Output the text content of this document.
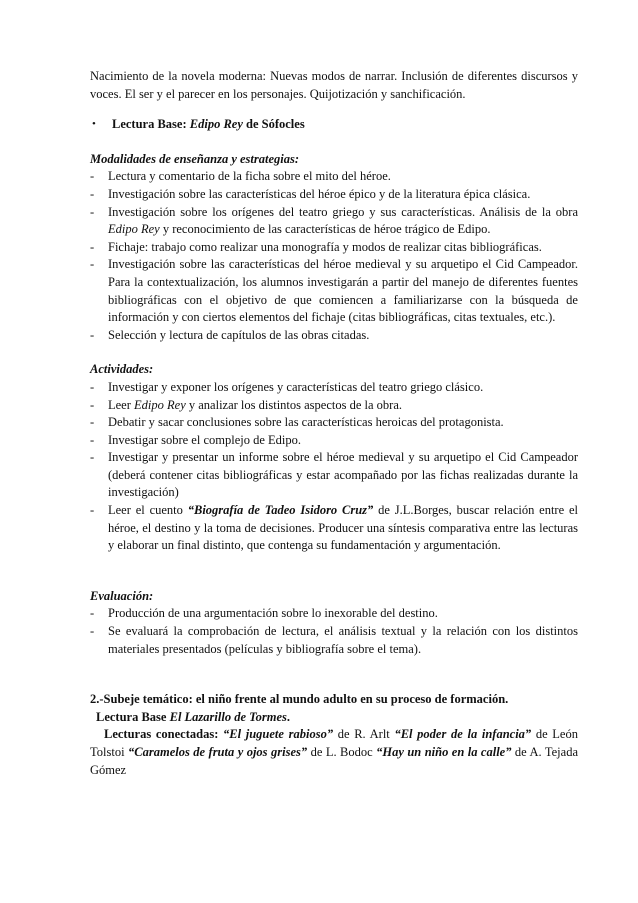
Nacimiento de la novela moderna: Nuevas modos de narrar. Inclusión de diferentes discursos y voces. El ser y el parecer en los personajes. Quijotización y sanchificación.

• Lectura Base: Edipo Rey de Sófocles

Modalidades de enseñanza y estrategias:

- Lectura y comentario de la ficha sobre el mito del héroe.
- Investigación sobre las características del héroe épico y de la literatura épica clásica.
- Investigación sobre los orígenes del teatro griego y sus características. Análisis de la obra Edipo Rey y reconocimiento de las características de héroe trágico de Edipo.
- Fichaje: trabajo como realizar una monografía y modos de realizar citas bibliográficas.
- Investigación sobre las características del héroe medieval y su arquetipo el Cid Campeador. Para la contextualización, los alumnos investigarán a partir del manejo de diferentes fuentes bibliográficas con el objetivo de que comiencen a familiarizarse con la búsqueda de información y con ciertos elementos del fichaje (citas bibliográficas, citas textuales, etc.).
- Selección y lectura de capítulos de las obras citadas.

Actividades:

- Investigar y exponer los orígenes y características del teatro griego clásico.
- Leer Edipo Rey y analizar los distintos aspectos de la obra.
- Debatir y sacar conclusiones sobre las características heroicas del protagonista.
- Investigar sobre el complejo de Edipo.
- Investigar y presentar un informe sobre el héroe medieval y su arquetipo el Cid Campeador (deberá contener citas bibliográficas y estar acompañado por las fichas realizadas durante la investigación)
- Leer el cuento “Biografía de Tadeo Isidoro Cruz” de J.L.Borges, buscar relación entre el héroe, el destino y la toma de decisiones. Producer una síntesis comparativa entre las lecturas y elaborar un final distinto, que contenga su fundamentación y argumentación.

Evaluación:

- Producción de una argumentación sobre lo inexorable del destino.
- Se evaluará la comprobación de lectura, el análisis textual y la relación con los distintos materiales presentados (películas y bibliografía sobre el tema).

2.-Subeje temático: el niño frente al mundo adulto en su proceso de formación.

Lectura Base El Lazarillo de Tormes.

Lecturas conectadas: “El juguete rabioso” de R. Arlt “El poder de la infancia” de León Tolstoi “Caramelos de fruta y ojos grises” de L. Bodoc “Hay un niño en la calle” de A. Tejada Gómez
